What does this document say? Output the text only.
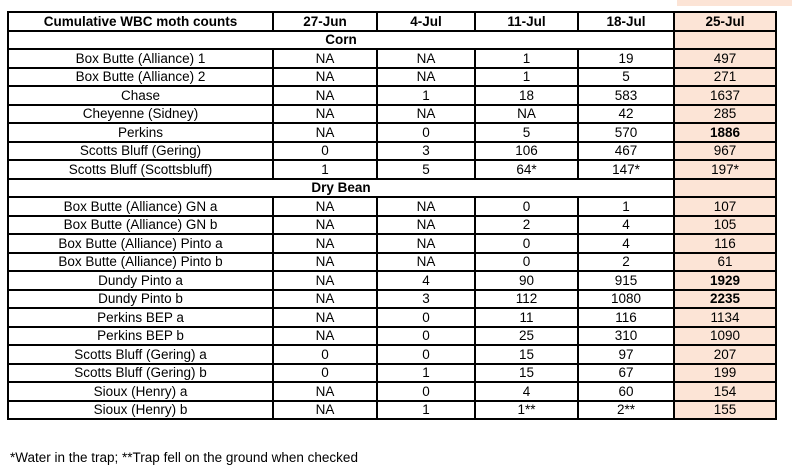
Cumulative WBC moth counts	27-Jun	4-Jul	11-Jul	18-Jul	25-Jul
Corn					
Box Butte (Alliance) 1	NA	NA	1	19	497
Box Butte (Alliance) 2	NA	NA	1	5	271
Chase	NA	1	18	583	1637
Cheyenne (Sidney)	NA	NA	NA	42	285
Perkins	NA	0	5	570	1886
Scotts Bluff (Gering)	0	3	106	467	967
Scotts Bluff (Scottsbluff)	1	5	64*	147*	197*
Dry Bean					
Box Butte (Alliance) GN a	NA	NA	0	1	107
Box Butte (Alliance) GN b	NA	NA	2	4	105
Box Butte (Alliance) Pinto a	NA	NA	0	4	116
Box Butte (Alliance) Pinto b	NA	NA	0	2	61
Dundy Pinto a	NA	4	90	915	1929
Dundy Pinto b	NA	3	112	1080	2235
Perkins BEP a	NA	0	11	116	1134
Perkins BEP b	NA	0	25	310	1090
Scotts Bluff (Gering) a	0	0	15	97	207
Scotts Bluff (Gering) b	0	1	15	67	199
Sioux (Henry) a	NA	0	4	60	154
Sioux (Henry) b	NA	1	1**	2**	155
*Water in the trap; **Trap fell on the ground when checked
